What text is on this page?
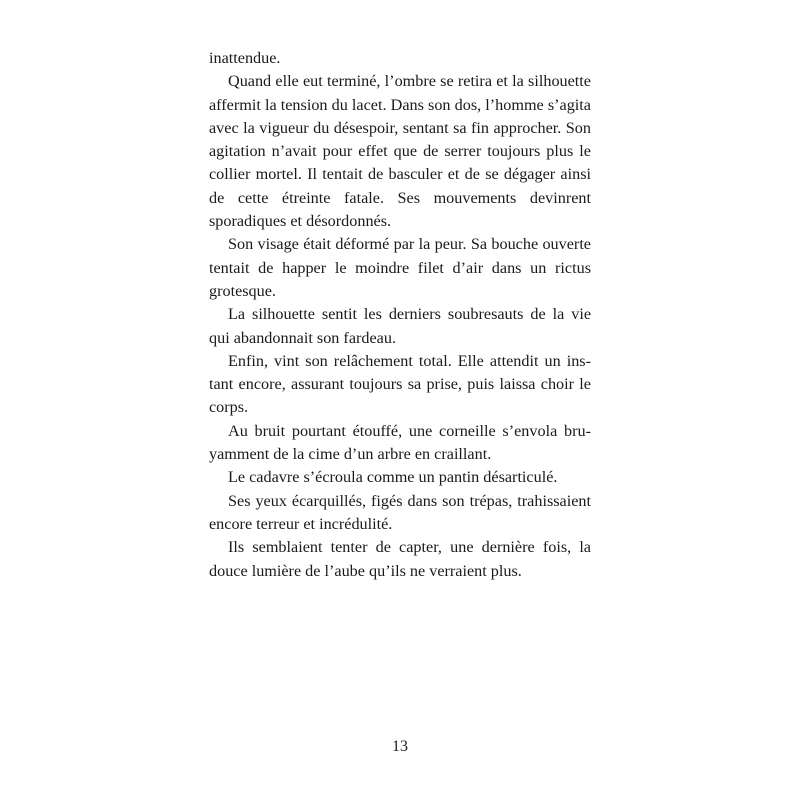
inattendue.

Quand elle eut terminé, l’ombre se retira et la silhouette affermit la tension du lacet. Dans son dos, l’homme s’agita avec la vigueur du désespoir, sentant sa fin approcher. Son agitation n’avait pour effet que de serrer toujours plus le collier mortel. Il tentait de basculer et de se dégager ainsi de cette étreinte fatale. Ses mouvements devinrent sporadiques et désordonnés.

Son visage était déformé par la peur. Sa bouche ouverte tentait de happer le moindre filet d’air dans un rictus grotesque.

La silhouette sentit les derniers soubresauts de la vie qui abandonnait son fardeau.

Enfin, vint son relâchement total. Elle attendit un instant encore, assurant toujours sa prise, puis laissa choir le corps.

Au bruit pourtant étouffé, une corneille s’envola bruyamment de la cime d’un arbre en craillant.

Le cadavre s’écroula comme un pantin désarticulé.

Ses yeux écarquillés, figés dans son trépas, trahissaient encore terreur et incrédulité.

Ils semblaient tenter de capter, une dernière fois, la douce lumière de l’aube qu’ils ne verraient plus.

13
